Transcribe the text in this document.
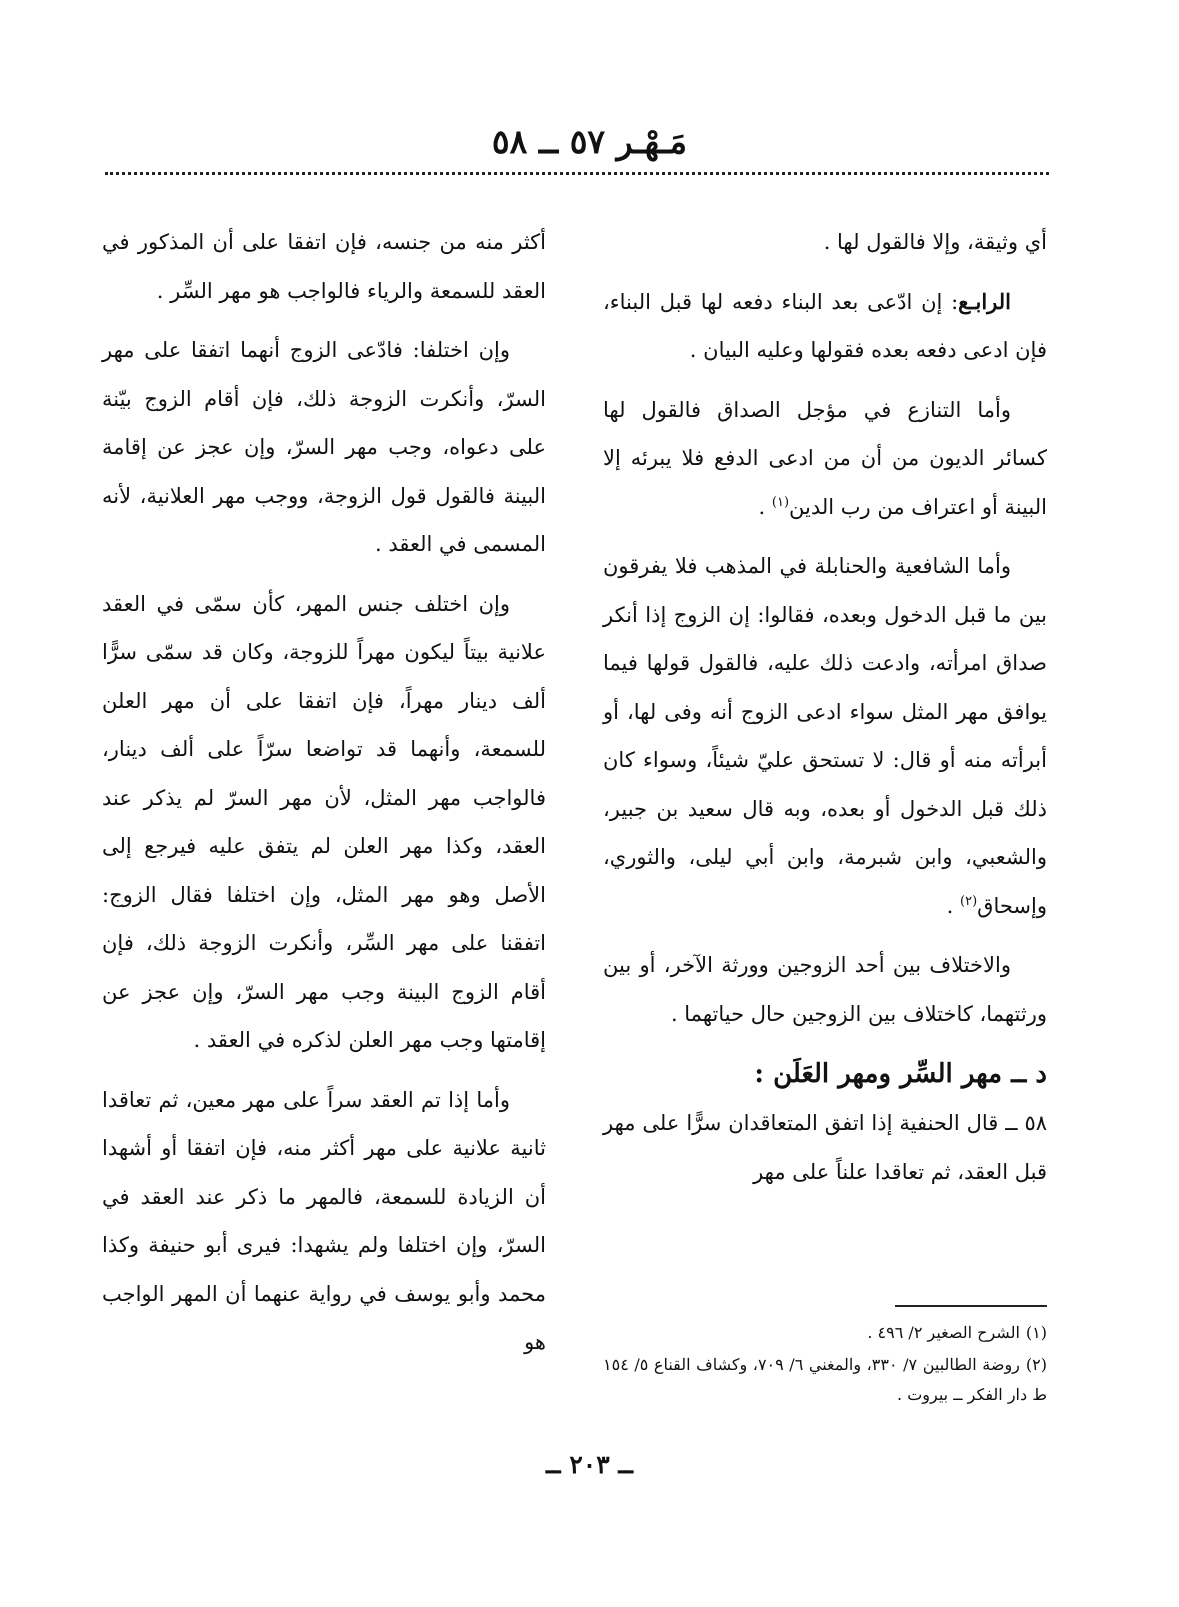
مَـهْـر ٥٧ ــ ٥٨

أي وثيقة، وإلا فالقول لها .

الرابـع: إن ادّعى بعد البناء دفعه لها قبل البناء، فإن ادعى دفعه بعده فقولها وعليه البيان .

وأما التنازع في مؤجل الصداق فالقول لها كسائر الديون من أن من ادعى الدفع فلا يبرئه إلا البينة أو اعتراف من رب الدين$^{(١)}$ .

وأما الشافعية والحنابلة في المذهب فلا يفرقون بين ما قبل الدخول وبعده، فقالوا: إن الزوج إذا أنكر صداق امرأته، وادعت ذلك عليه، فالقول قولها فيما يوافق مهر المثل سواء ادعى الزوج أنه وفى لها، أو أبرأته منه أو قال: لا تستحق عليّ شيئاً، وسواء كان ذلك قبل الدخول أو بعده، وبه قال سعيد بن جبير، والشعبي، وابن شبرمة، وابن أبي ليلى، والثوري، وإسحاق$^{(٢)}$ .

والاختلاف بين أحد الزوجين وورثة الآخر، أو بين ورثتهما، كاختلاف بين الزوجين حال حياتهما .

د ــ مهر السِّر ومهر العَلَن :

٥٨ ــ قال الحنفية إذا اتفق المتعاقدان سرًّا على مهر قبل العقد، ثم تعاقدا علناً على مهر

أكثر منه من جنسه، فإن اتفقا على أن المذكور في العقد للسمعة والرياء فالواجب هو مهر السِّر .

وإن اختلفا: فادّعى الزوج أنهما اتفقا على مهر السرّ، وأنكرت الزوجة ذلك، فإن أقام الزوج بيّنة على دعواه، وجب مهر السرّ، وإن عجز عن إقامة البينة فالقول قول الزوجة، ووجب مهر العلانية، لأنه المسمى في العقد .

وإن اختلف جنس المهر، كأن سمّى في العقد علانية بيتاً ليكون مهراً للزوجة، وكان قد سمّى سرًّا ألف دينار مهراً، فإن اتفقا على أن مهر العلن للسمعة، وأنهما قد تواضعا سرّاً على ألف دينار، فالواجب مهر المثل، لأن مهر السرّ لم يذكر عند العقد، وكذا مهر العلن لم يتفق عليه فيرجع إلى الأصل وهو مهر المثل، وإن اختلفا فقال الزوج: اتفقنا على مهر السِّر، وأنكرت الزوجة ذلك، فإن أقام الزوج البينة وجب مهر السرّ، وإن عجز عن إقامتها وجب مهر العلن لذكره في العقد .

وأما إذا تم العقد سراً على مهر معين، ثم تعاقدا ثانية علانية على مهر أكثر منه، فإن اتفقا أو أشهدا أن الزيادة للسمعة، فالمهر ما ذكر عند العقد في السرّ، وإن اختلفا ولم يشهدا: فيرى أبو حنيفة وكذا محمد وأبو يوسف في رواية عنهما أن المهر الواجب هو	(١)الشرح الصغير ٢/ ٤٩٦ .

(٢)روضة الطالبين ٧/ ٣٣٠، والمغني ٦/ ٧٠٩، وكشاف القناع ٥/ ١٥٤ ط دار الفكر ــ بيروت .

ــ ٢٠٣ ــ
